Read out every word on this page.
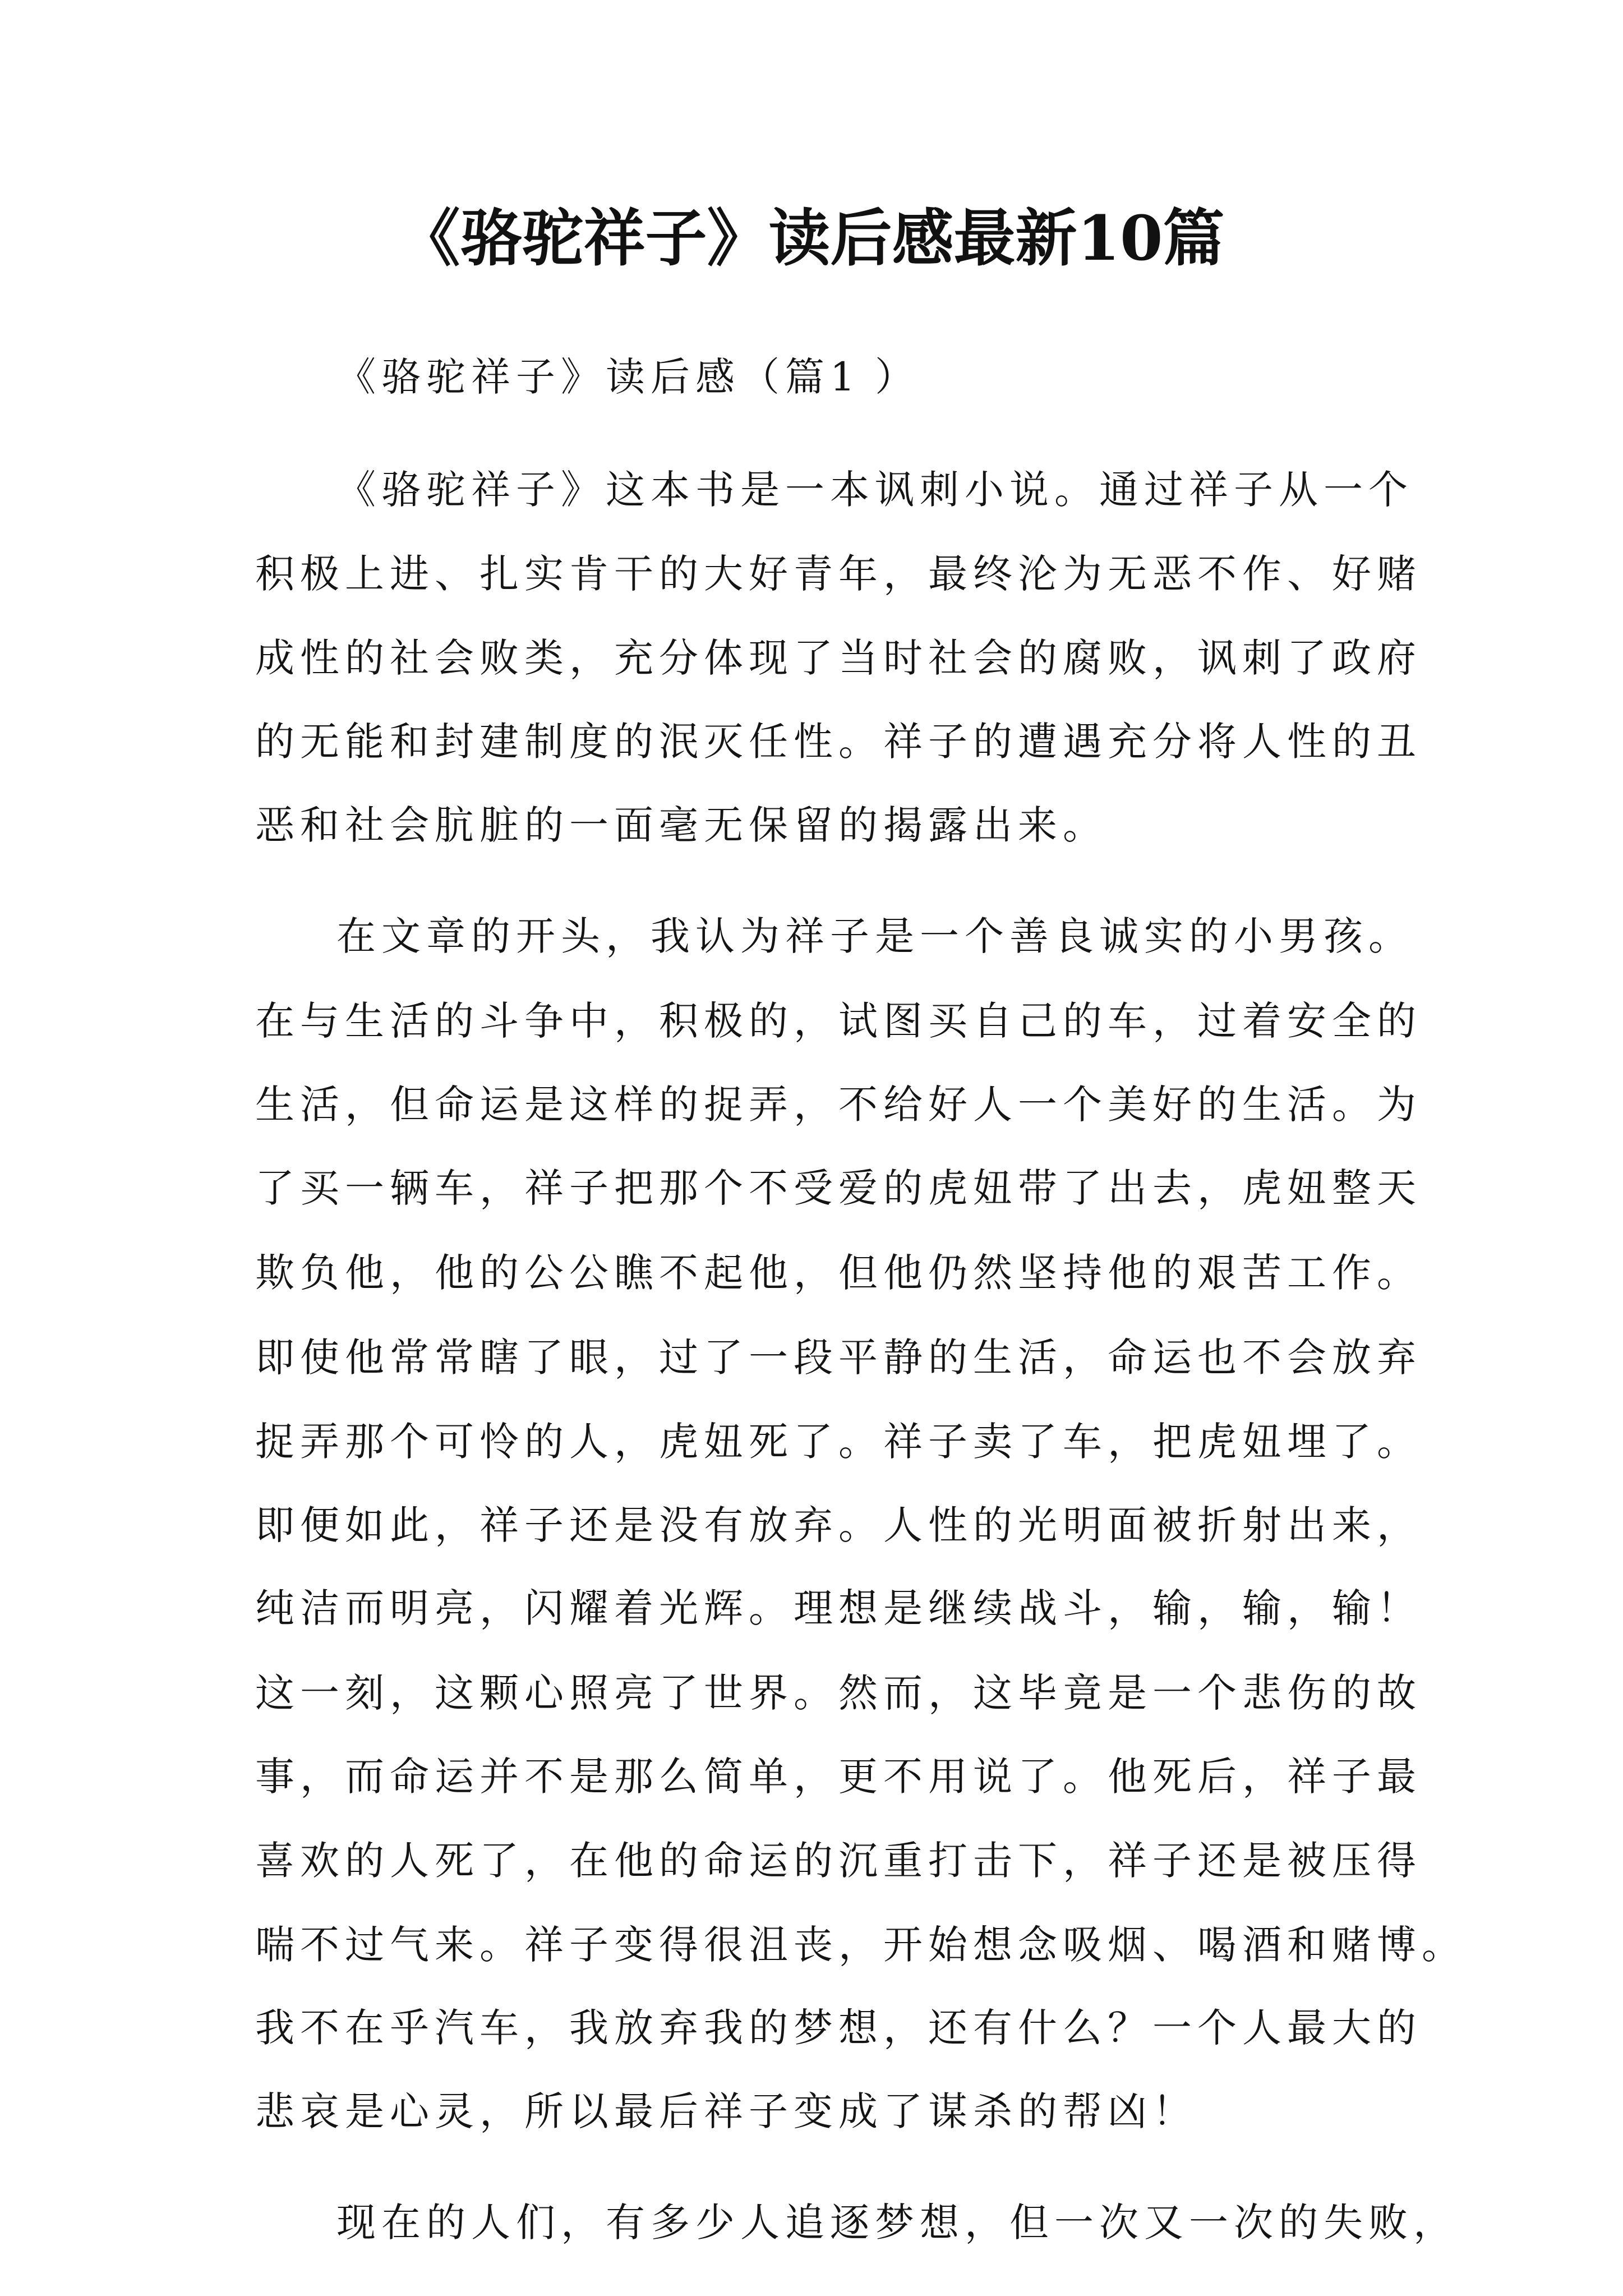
《骆驼祥子》读后感最新10篇
《 骆 驼 祥 子 》 读 后 感 （ 篇 1 ）
《 骆 驼 祥 子 》 这 本 书 是 一 本 讽 刺 小 说 。 通 过 祥 子 从 一 个
积 极 上 进 、 扎 实 肯 干 的 大 好 青 年 ， 最 终 沦 为 无 恶 不 作 、 好 赌
成 性 的 社 会 败 类 ， 充 分 体 现 了 当 时 社 会 的 腐 败 ， 讽 刺 了 政 府
的 无 能 和 封 建 制 度 的 泯 灭 任 性 。 祥 子 的 遭 遇 充 分 将 人 性 的 丑
恶 和 社 会 肮 脏 的 一 面 毫 无 保 留 的 揭 露 出 来 。
在 文 章 的 开 头 ， 我 认 为 祥 子 是 一 个 善 良 诚 实 的 小 男 孩 。
在 与 生 活 的 斗 争 中 ， 积 极 的 ， 试 图 买 自 己 的 车 ， 过 着 安 全 的
生 活 ， 但 命 运 是 这 样 的 捉 弄 ， 不 给 好 人 一 个 美 好 的 生 活 。 为
了 买 一 辆 车 ， 祥 子 把 那 个 不 受 爱 的 虎 妞 带 了 出 去 ， 虎 妞 整 天
欺 负 他 ， 他 的 公 公 瞧 不 起 他 ， 但 他 仍 然 坚 持 他 的 艰 苦 工 作 。
即 使 他 常 常 瞎 了 眼 ， 过 了 一 段 平 静 的 生 活 ， 命 运 也 不 会 放 弃
捉 弄 那 个 可 怜 的 人 ， 虎 妞 死 了 。 祥 子 卖 了 车 ， 把 虎 妞 埋 了 。
即 便 如 此 ， 祥 子 还 是 没 有 放 弃 。 人 性 的 光 明 面 被 折 射 出 来 ，
纯 洁 而 明 亮 ， 闪 耀 着 光 辉 。 理 想 是 继 续 战 斗 ， 输 ， 输 ， 输 ！
这 一 刻 ， 这 颗 心 照 亮 了 世 界 。 然 而 ， 这 毕 竟 是 一 个 悲 伤 的 故
事 ， 而 命 运 并 不 是 那 么 简 单 ， 更 不 用 说 了 。 他 死 后 ， 祥 子 最
喜 欢 的 人 死 了 ， 在 他 的 命 运 的 沉 重 打 击 下 ， 祥 子 还 是 被 压 得
喘 不 过 气 来 。 祥 子 变 得 很 沮 丧 ， 开 始 想 念 吸 烟 、 喝 酒 和 赌 博 。
我 不 在 乎 汽 车 ， 我 放 弃 我 的 梦 想 ， 还 有 什 么 ？ 一 个 人 最 大 的
悲 哀 是 心 灵 ， 所 以 最 后 祥 子 变 成 了 谋 杀 的 帮 凶 ！
现 在 的 人 们 ， 有 多 少 人 追 逐 梦 想 ， 但 一 次 又 一 次 的 失 败 ，
